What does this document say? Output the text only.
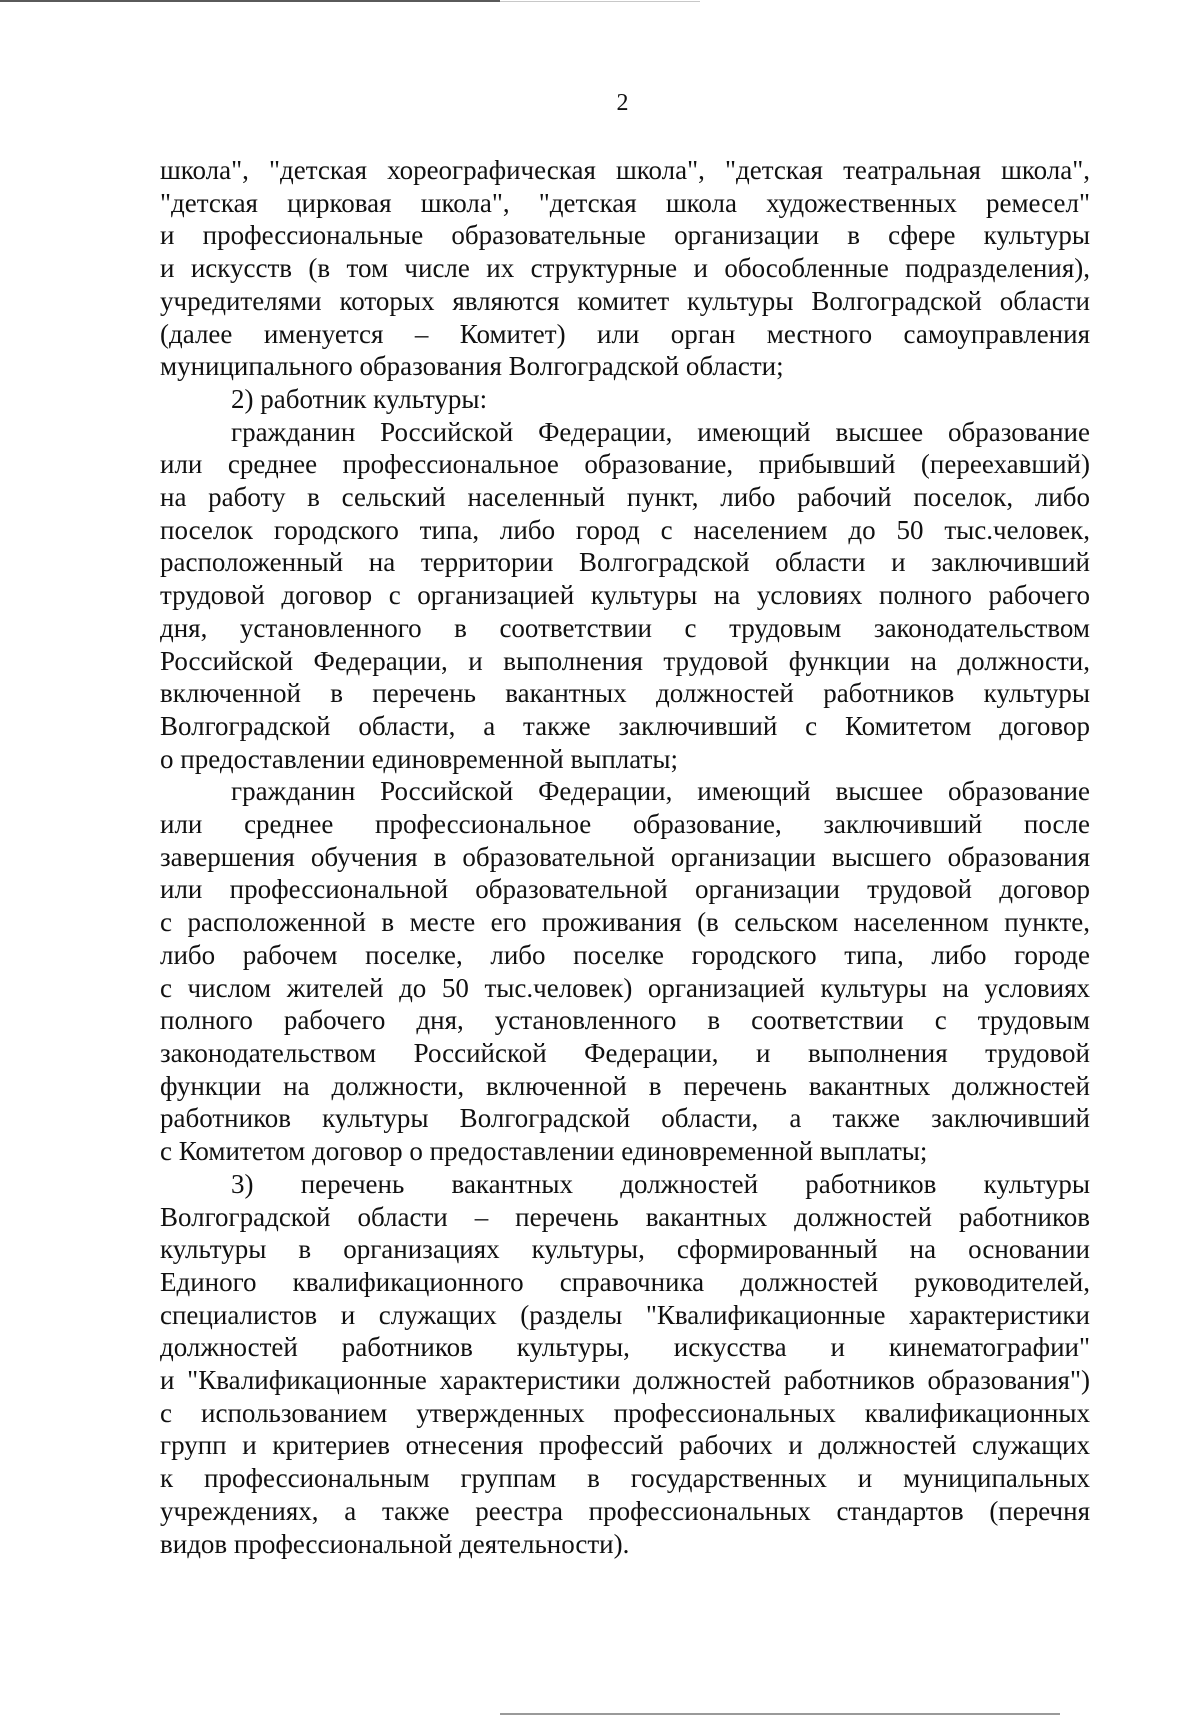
2

школа", "детская хореографическая школа", "детская театральная школа",

"детская цирковая школа", "детская школа художественных ремесел"

и профессиональные образовательные организации в сфере культуры

и искусств (в том числе их структурные и обособленные подразделения),

учредителями которых являются комитет культуры Волгоградской области

(далее именуется – Комитет) или орган местного самоуправления

муниципального образования Волгоградской области;

2) работник культуры:

гражданин Российской Федерации, имеющий высшее образование

или среднее профессиональное образование, прибывший (переехавший)

на работу в сельский населенный пункт, либо рабочий поселок, либо

поселок городского типа, либо город с населением до 50 тыс.человек,

расположенный на территории Волгоградской области и заключивший

трудовой договор с организацией культуры на условиях полного рабочего

дня, установленного в соответствии с трудовым законодательством

Российской Федерации, и выполнения трудовой функции на должности,

включенной в перечень вакантных должностей работников культуры

Волгоградской области, а также заключивший с Комитетом договор

о предоставлении единовременной выплаты;

гражданин Российской Федерации, имеющий высшее образование

или среднее профессиональное образование, заключивший после

завершения обучения в образовательной организации высшего образования

или профессиональной образовательной организации трудовой договор

с расположенной в месте его проживания (в сельском населенном пункте,

либо рабочем поселке, либо поселке городского типа, либо городе

с числом жителей до 50 тыс.человек) организацией культуры на условиях

полного рабочего дня, установленного в соответствии с трудовым

законодательством Российской Федерации, и выполнения трудовой

функции на должности, включенной в перечень вакантных должностей

работников культуры Волгоградской области, а также заключивший

с Комитетом договор о предоставлении единовременной выплаты;

3) перечень вакантных должностей работников культуры

Волгоградской области – перечень вакантных должностей работников

культуры в организациях культуры, сформированный на основании

Единого квалификационного справочника должностей руководителей,

специалистов и служащих (разделы "Квалификационные характеристики

должностей работников культуры, искусства и кинематографии"

и "Квалификационные характеристики должностей работников образования")

с использованием утвержденных профессиональных квалификационных

групп и критериев отнесения профессий рабочих и должностей служащих

к профессиональным группам в государственных и муниципальных

учреждениях, а также реестра профессиональных стандартов (перечня

видов профессиональной деятельности).
